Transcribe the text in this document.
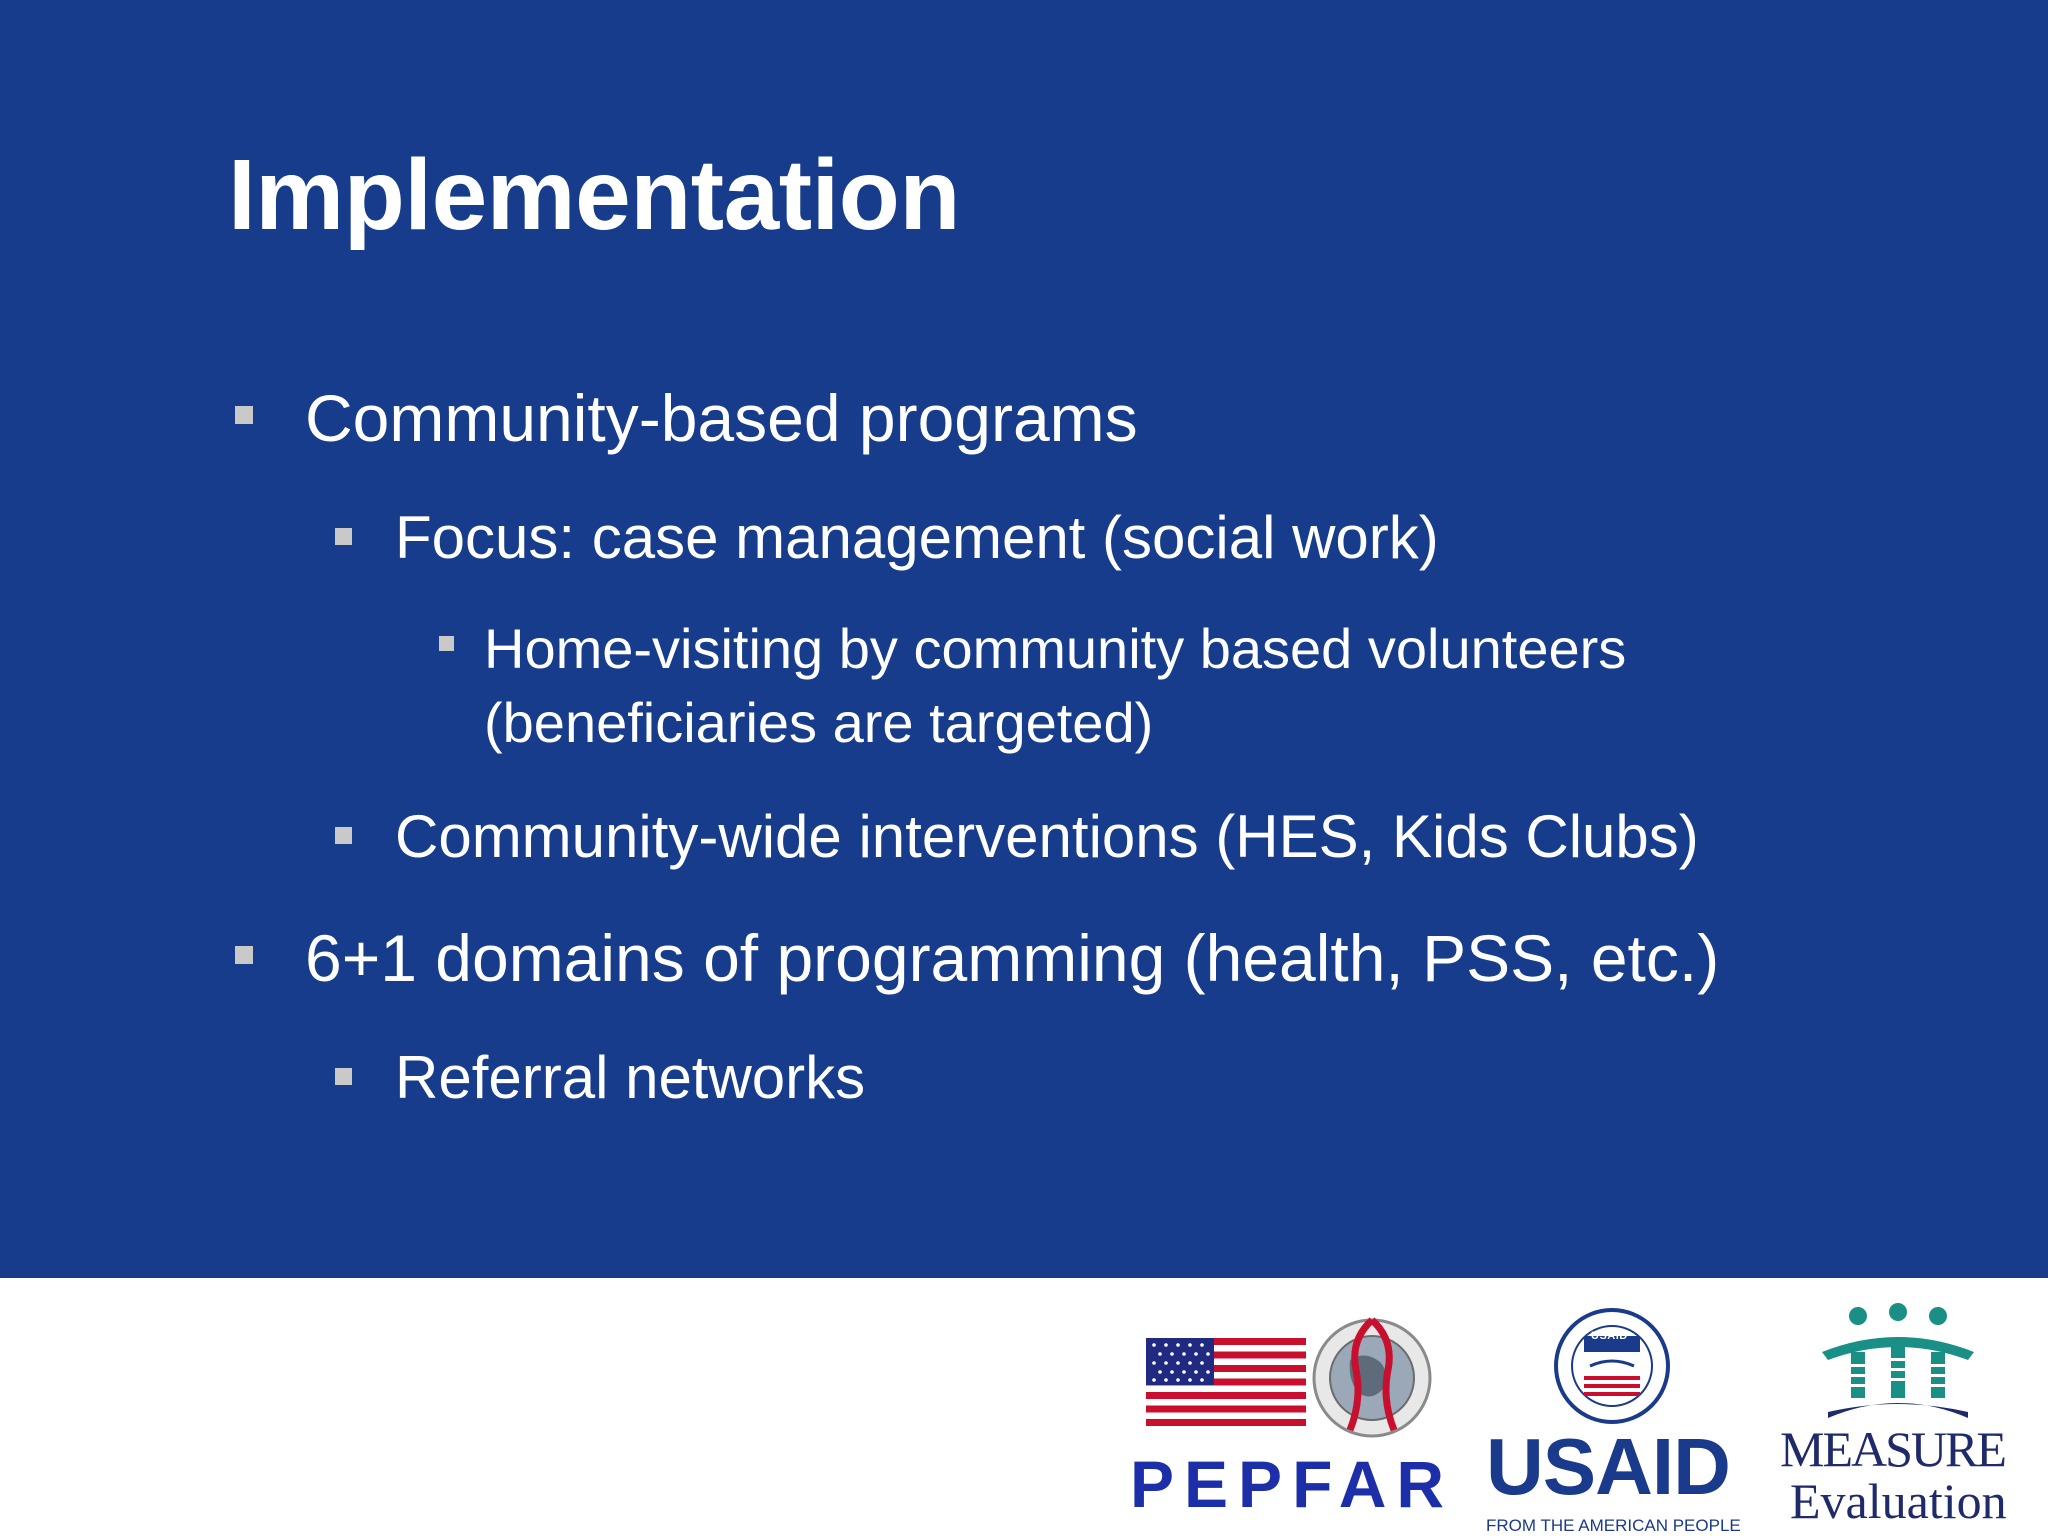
Implementation
Community-based programs
Focus: case management (social work)
Home-visiting by community based volunteers (beneficiaries are targeted)
Community-wide interventions (HES, Kids Clubs)
6+1 domains of programming (health, PSS, etc.)
Referral networks
PEPFAR
USAID
USAID
FROM THE AMERICAN PEOPLE
MEASURE
Evaluation
